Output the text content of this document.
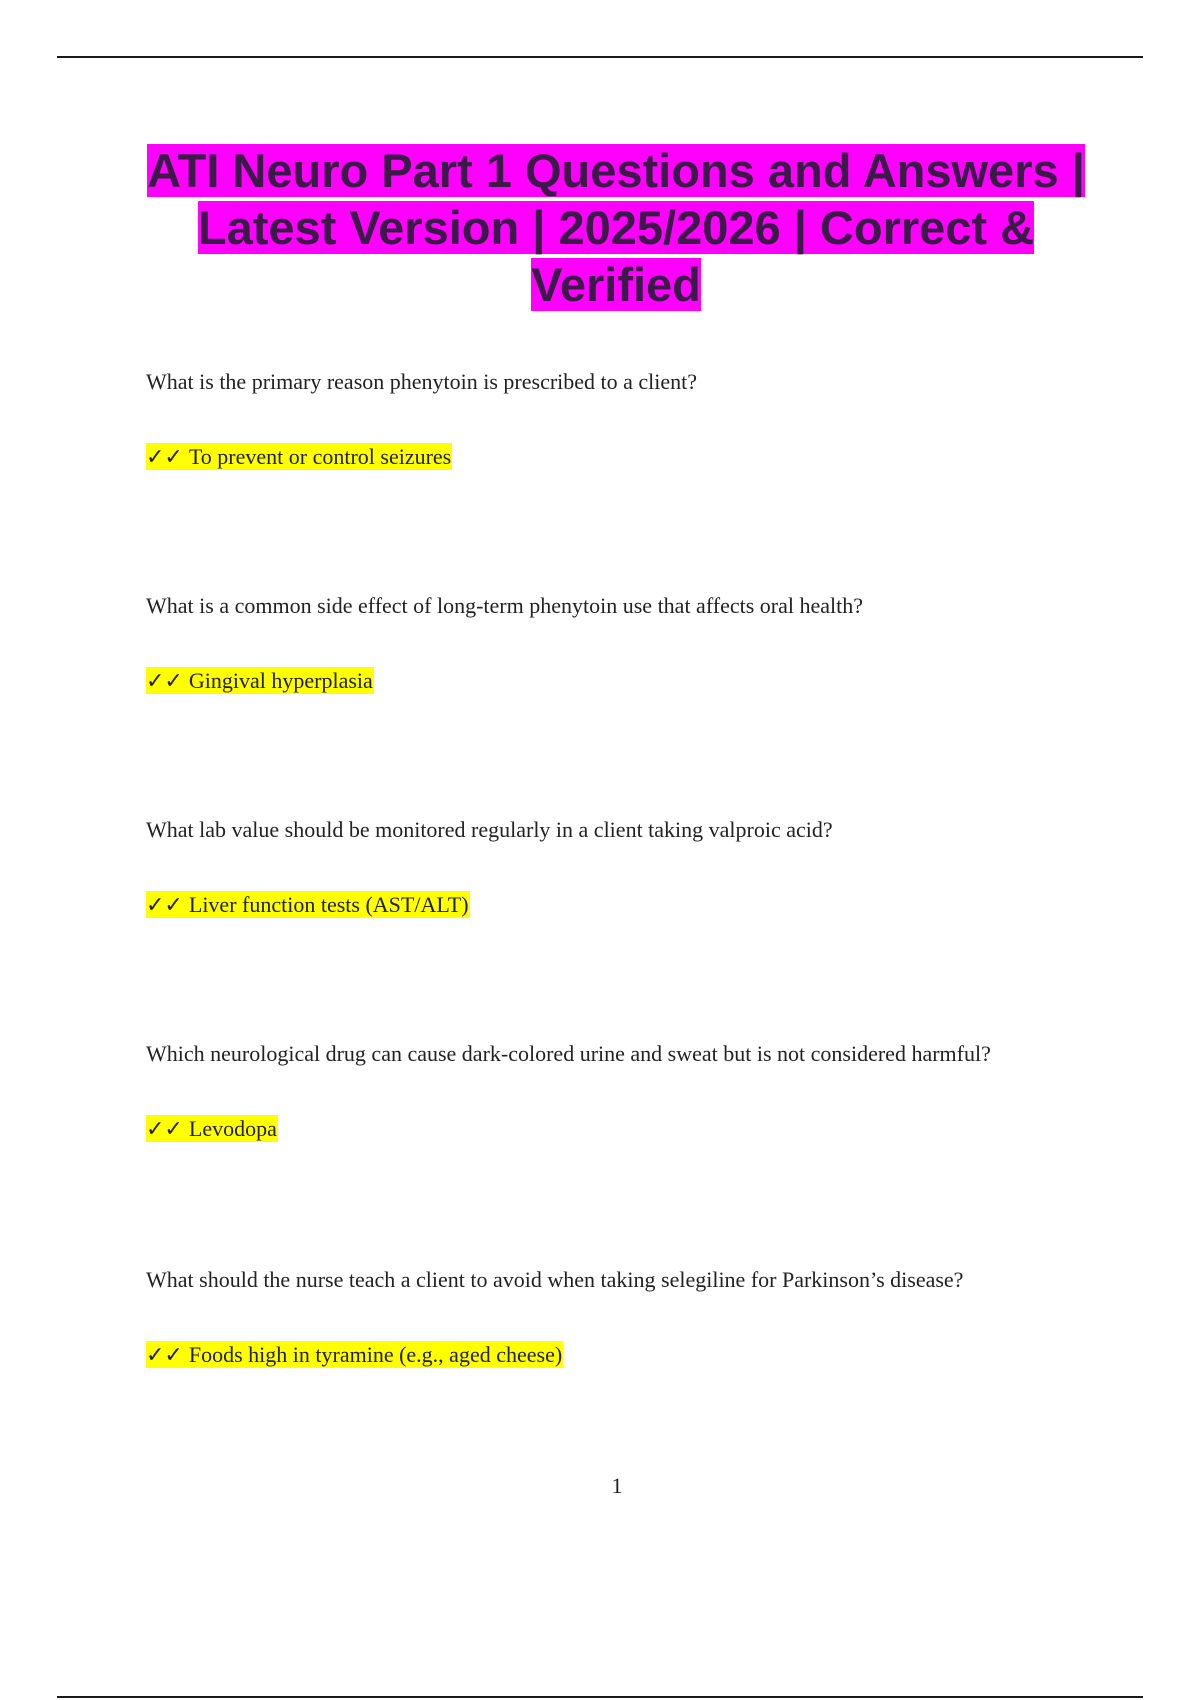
ATI Neuro Part 1 Questions and Answers | Latest Version | 2025/2026 | Correct & Verified

What is the primary reason phenytoin is prescribed to a client?

✓✓ To prevent or control seizures

What is a common side effect of long-term phenytoin use that affects oral health?

✓✓ Gingival hyperplasia

What lab value should be monitored regularly in a client taking valproic acid?

✓✓ Liver function tests (AST/ALT)

Which neurological drug can cause dark-colored urine and sweat but is not considered harmful?

✓✓ Levodopa

What should the nurse teach a client to avoid when taking selegiline for Parkinson’s disease?

✓✓ Foods high in tyramine (e.g., aged cheese)

1
